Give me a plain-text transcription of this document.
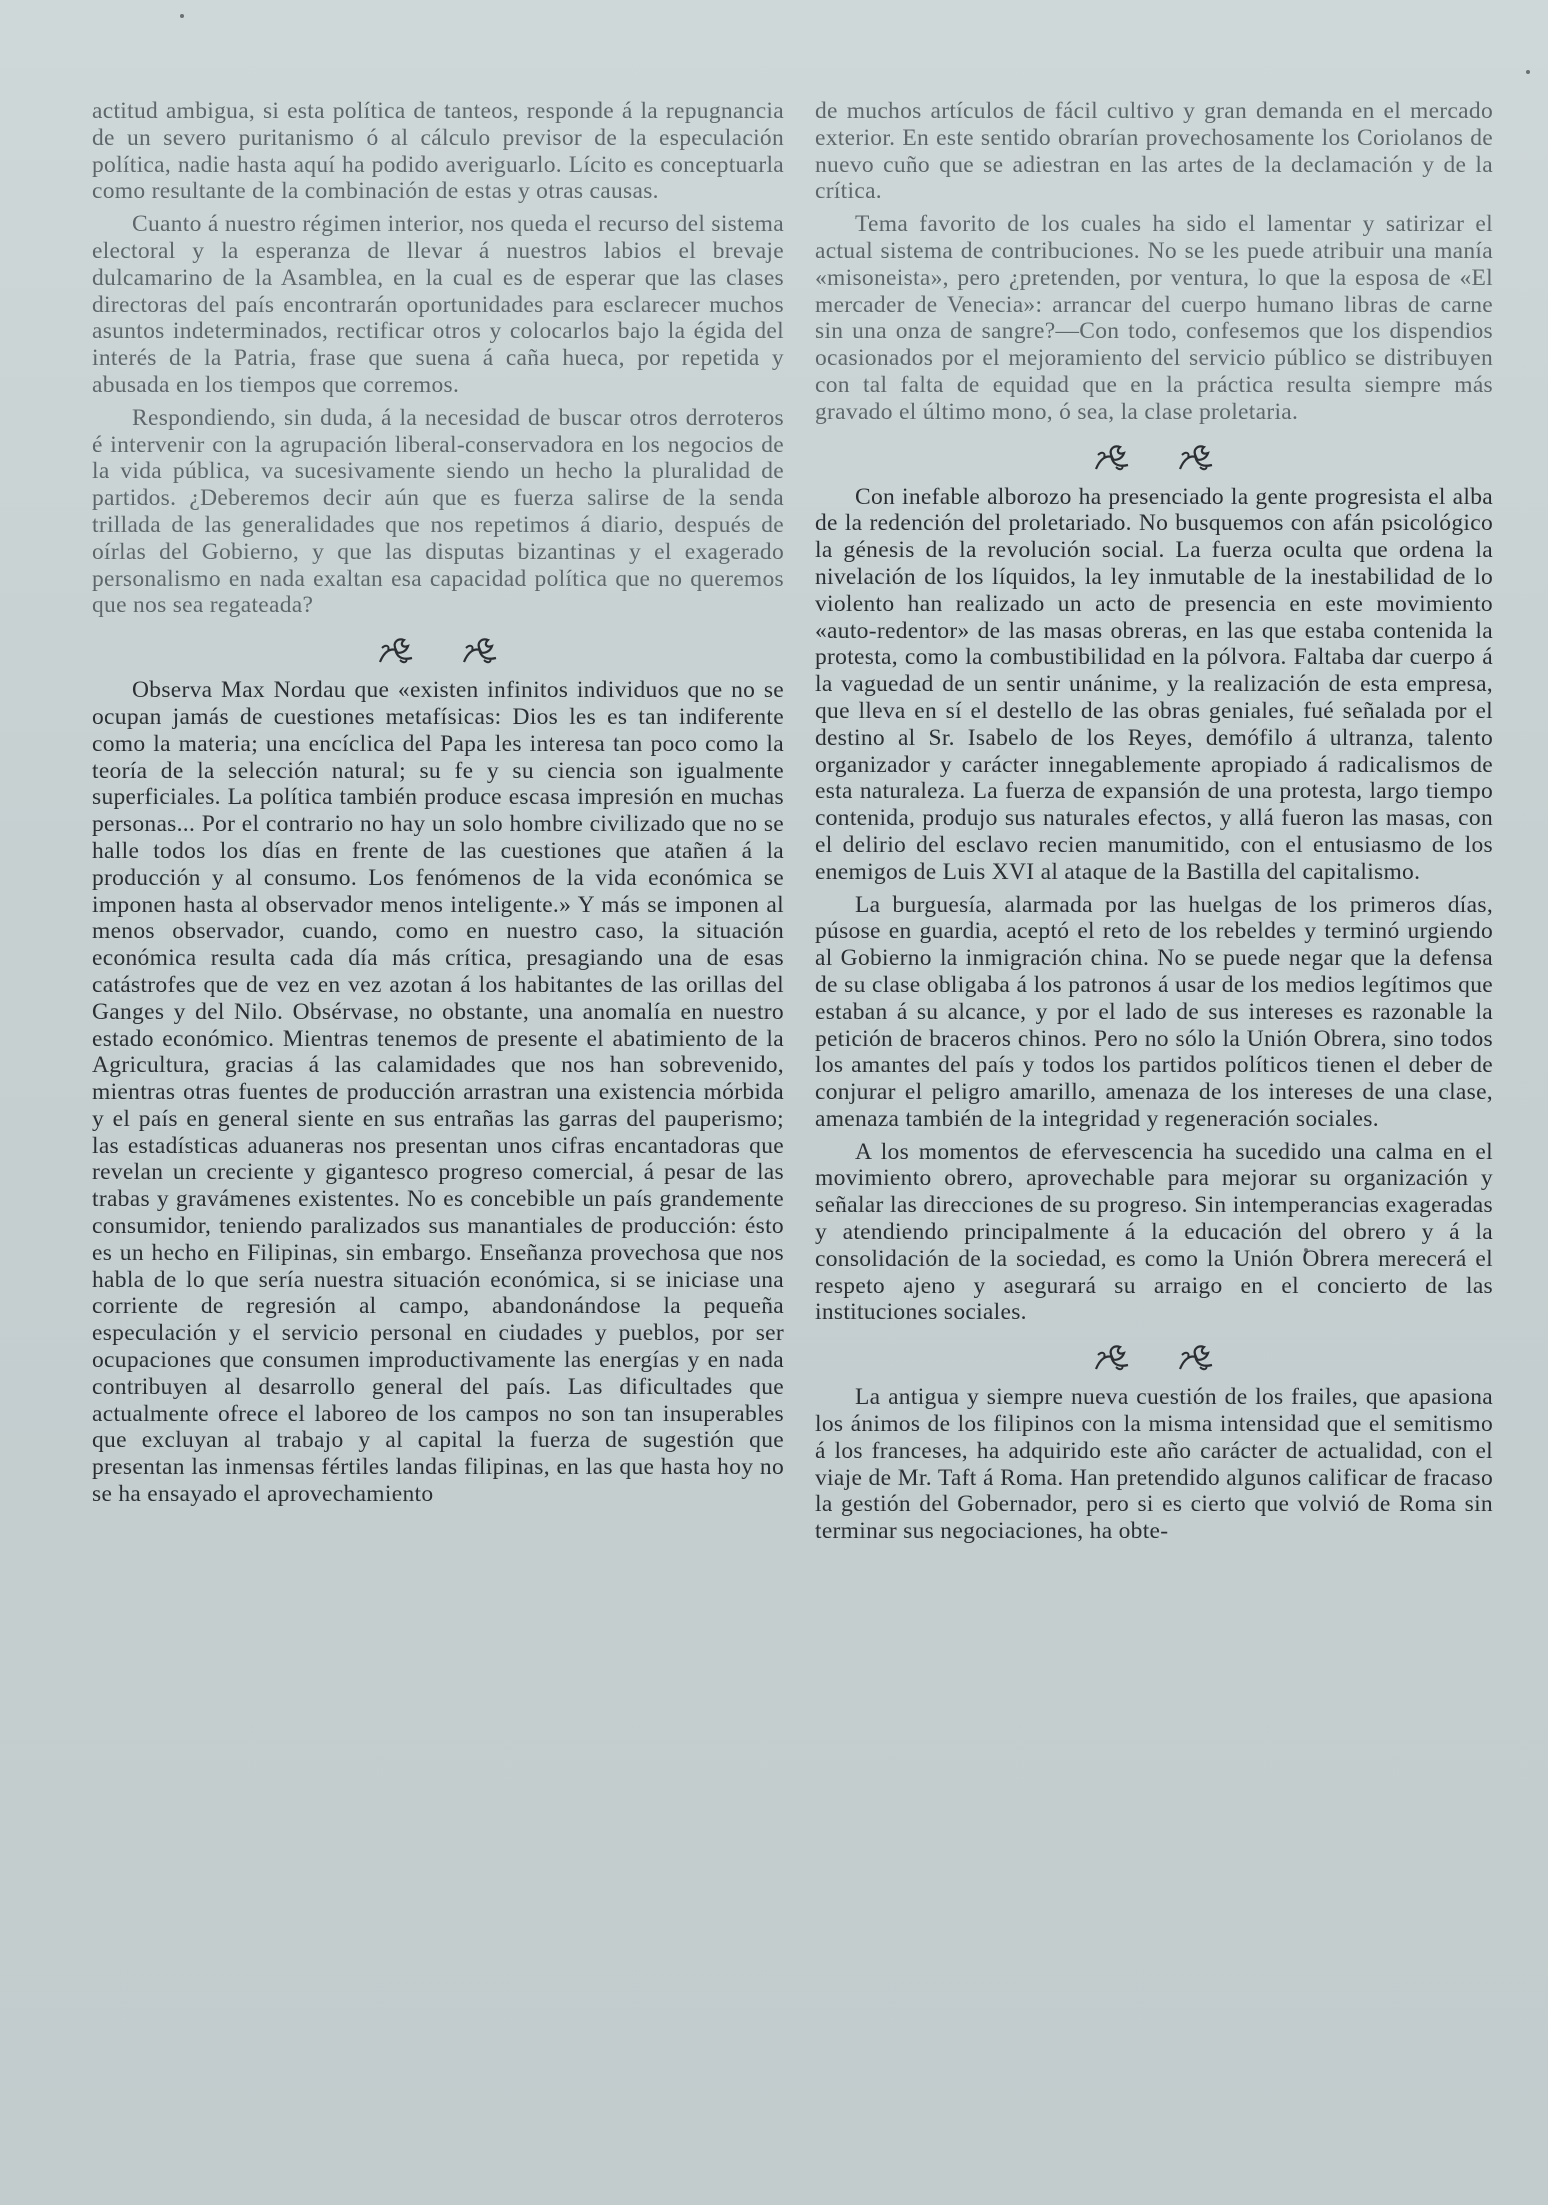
actitud ambigua, si esta política de tanteos, responde á la repugnancia de un severo puritanismo ó al cálculo previsor de la especulación política, nadie hasta aquí ha podido averiguarlo. Lícito es conceptuarla como resultante de la combinación de estas y otras causas.

Cuanto á nuestro régimen interior, nos queda el recurso del sistema electoral y la esperanza de llevar á nuestros labios el brevaje dulcamarino de la Asamblea, en la cual es de esperar que las clases directoras del país encontrarán oportunidades para esclarecer muchos asuntos indeterminados, rectificar otros y colocarlos bajo la égida del interés de la Patria, frase que suena á caña hueca, por repetida y abusada en los tiempos que corremos.

Respondiendo, sin duda, á la necesidad de buscar otros derroteros é intervenir con la agrupación liberal-conservadora en los negocios de la vida pública, va sucesivamente siendo un hecho la pluralidad de partidos. ¿Deberemos decir aún que es fuerza salirse de la senda trillada de las generalidades que nos repetimos á diario, después de oírlas del Gobierno, y que las disputas bizantinas y el exagerado personalismo en nada exaltan esa capacidad política que no queremos que nos sea regateada?

Observa Max Nordau que «existen infinitos individuos que no se ocupan jamás de cuestiones metafísicas: Dios les es tan indiferente como la materia; una encíclica del Papa les interesa tan poco como la teoría de la selección natural; su fe y su ciencia son igualmente superficiales. La política también produce escasa impresión en muchas personas... Por el contrario no hay un solo hombre civilizado que no se halle todos los días en frente de las cuestiones que atañen á la producción y al consumo. Los fenómenos de la vida económica se imponen hasta al observador menos inteligente.» Y más se imponen al menos observador, cuando, como en nuestro caso, la situación económica resulta cada día más crítica, presagiando una de esas catástrofes que de vez en vez azotan á los habitantes de las orillas del Ganges y del Nilo. Obsérvase, no obstante, una anomalía en nuestro estado económico. Mientras tenemos de presente el abatimiento de la Agricultura, gracias á las calamidades que nos han sobrevenido, mientras otras fuentes de producción arrastran una existencia mórbida y el país en general siente en sus entrañas las garras del pauperismo; las estadísticas aduaneras nos presentan unos cifras encantadoras que revelan un creciente y gigantesco progreso comercial, á pesar de las trabas y gravámenes existentes. No es concebible un país grandemente consumidor, teniendo paralizados sus manantiales de producción: ésto es un hecho en Filipinas, sin embargo. Enseñanza provechosa que nos habla de lo que sería nuestra situación económica, si se iniciase una corriente de regresión al campo, abandonándose la pequeña especulación y el servicio personal en ciudades y pueblos, por ser ocupaciones que consumen improductivamente las energías y en nada contribuyen al desarrollo general del país. Las dificultades que actualmente ofrece el laboreo de los campos no son tan insuperables que excluyan al trabajo y al capital la fuerza de sugestión que presentan las inmensas fértiles landas filipinas, en las que hasta hoy no se ha ensayado el aprovechamiento

de muchos artículos de fácil cultivo y gran demanda en el mercado exterior. En este sentido obrarían provechosamente los Coriolanos de nuevo cuño que se adiestran en las artes de la declamación y de la crítica.

Tema favorito de los cuales ha sido el lamentar y satirizar el actual sistema de contribuciones. No se les puede atribuir una manía «misoneista», pero ¿pretenden, por ventura, lo que la esposa de «El mercader de Venecia»: arrancar del cuerpo humano libras de carne sin una onza de sangre?—Con todo, confesemos que los dispendios ocasionados por el mejoramiento del servicio público se distribuyen con tal falta de equidad que en la práctica resulta siempre más gravado el último mono, ó sea, la clase proletaria.

Con inefable alborozo ha presenciado la gente progresista el alba de la redención del proletariado. No busquemos con afán psicológico la génesis de la revolución social. La fuerza oculta que ordena la nivelación de los líquidos, la ley inmutable de la inestabilidad de lo violento han realizado un acto de presencia en este movimiento «auto-redentor» de las masas obreras, en las que estaba contenida la protesta, como la combustibilidad en la pólvora. Faltaba dar cuerpo á la vaguedad de un sentir unánime, y la realización de esta empresa, que lleva en sí el destello de las obras geniales, fué señalada por el destino al Sr. Isabelo de los Reyes, demófilo á ultranza, talento organizador y carácter innegablemente apropiado á radicalismos de esta naturaleza. La fuerza de expansión de una protesta, largo tiempo contenida, produjo sus naturales efectos, y allá fueron las masas, con el delirio del esclavo recien manumitido, con el entusiasmo de los enemigos de Luis XVI al ataque de la Bastilla del capitalismo.

La burguesía, alarmada por las huelgas de los primeros días, púsose en guardia, aceptó el reto de los rebeldes y terminó urgiendo al Gobierno la inmigración china. No se puede negar que la defensa de su clase obligaba á los patronos á usar de los medios legítimos que estaban á su alcance, y por el lado de sus intereses es razonable la petición de braceros chinos. Pero no sólo la Unión Obrera, sino todos los amantes del país y todos los partidos políticos tienen el deber de conjurar el peligro amarillo, amenaza de los intereses de una clase, amenaza también de la integridad y regeneración sociales.

A los momentos de efervescencia ha sucedido una calma en el movimiento obrero, aprovechable para mejorar su organización y señalar las direcciones de su progreso. Sin intemperancias exageradas y atendiendo principalmente á la educación del obrero y á la consolidación de la sociedad, es como la Unión Obrera merecerá el respeto ajeno y asegurará su arraigo en el concierto de las instituciones sociales.

La antigua y siempre nueva cuestión de los frailes, que apasiona los ánimos de los filipinos con la misma intensidad que el semitismo á los franceses, ha adquirido este año carácter de actualidad, con el viaje de Mr. Taft á Roma. Han pretendido algunos calificar de fracaso la gestión del Gobernador, pero si es cierto que volvió de Roma sin terminar sus negociaciones, ha obte-
